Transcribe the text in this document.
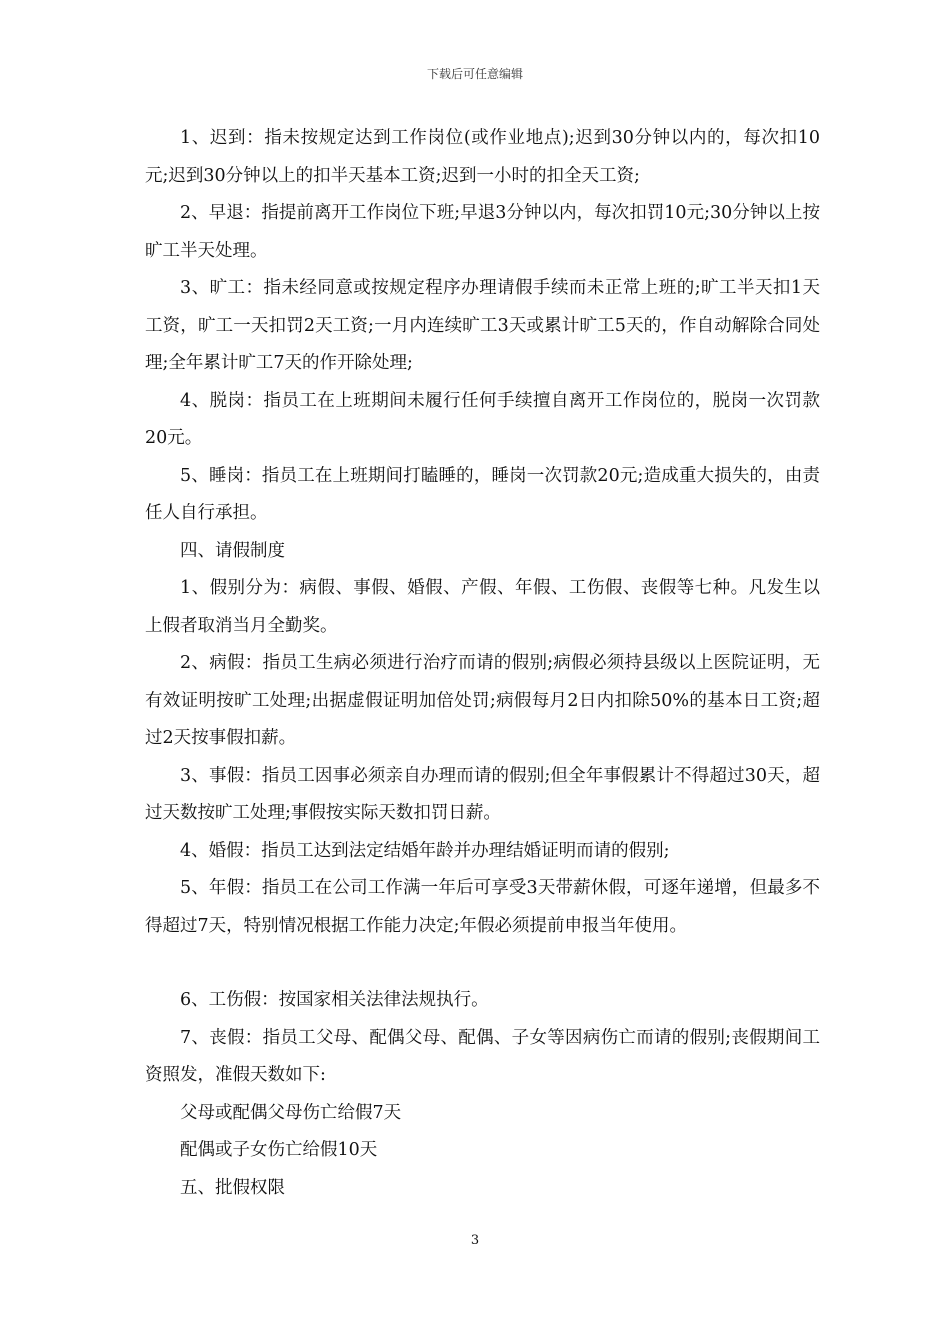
下载后可任意编辑

1、迟到：指未按规定达到工作岗位(或作业地点);迟到30分钟以内的，每次扣10元;迟到30分钟以上的扣半天基本工资;迟到一小时的扣全天工资;

2、早退：指提前离开工作岗位下班;早退3分钟以内，每次扣罚10元;30分钟以上按旷工半天处理。

3、旷工：指未经同意或按规定程序办理请假手续而未正常上班的;旷工半天扣1天工资，旷工一天扣罚2天工资;一月内连续旷工3天或累计旷工5天的，作自动解除合同处理;全年累计旷工7天的作开除处理;

4、脱岗：指员工在上班期间未履行任何手续擅自离开工作岗位的，脱岗一次罚款20元。

5、睡岗：指员工在上班期间打瞌睡的，睡岗一次罚款20元;造成重大损失的，由责任人自行承担。

四、请假制度

1、假别分为：病假、事假、婚假、产假、年假、工伤假、丧假等七种。凡发生以上假者取消当月全勤奖。

2、病假：指员工生病必须进行治疗而请的假别;病假必须持县级以上医院证明，无有效证明按旷工处理;出据虚假证明加倍处罚;病假每月2日内扣除50%的基本日工资;超过2天按事假扣薪。

3、事假：指员工因事必须亲自办理而请的假别;但全年事假累计不得超过30天，超过天数按旷工处理;事假按实际天数扣罚日薪。

4、婚假：指员工达到法定结婚年龄并办理结婚证明而请的假别;

5、年假：指员工在公司工作满一年后可享受3天带薪休假，可逐年递增，但最多不得超过7天，特别情况根据工作能力决定;年假必须提前申报当年使用。

6、工伤假：按国家相关法律法规执行。

7、丧假：指员工父母、配偶父母、配偶、子女等因病伤亡而请的假别;丧假期间工资照发，准假天数如下:

父母或配偶父母伤亡给假7天

配偶或子女伤亡给假10天

五、批假权限

3
